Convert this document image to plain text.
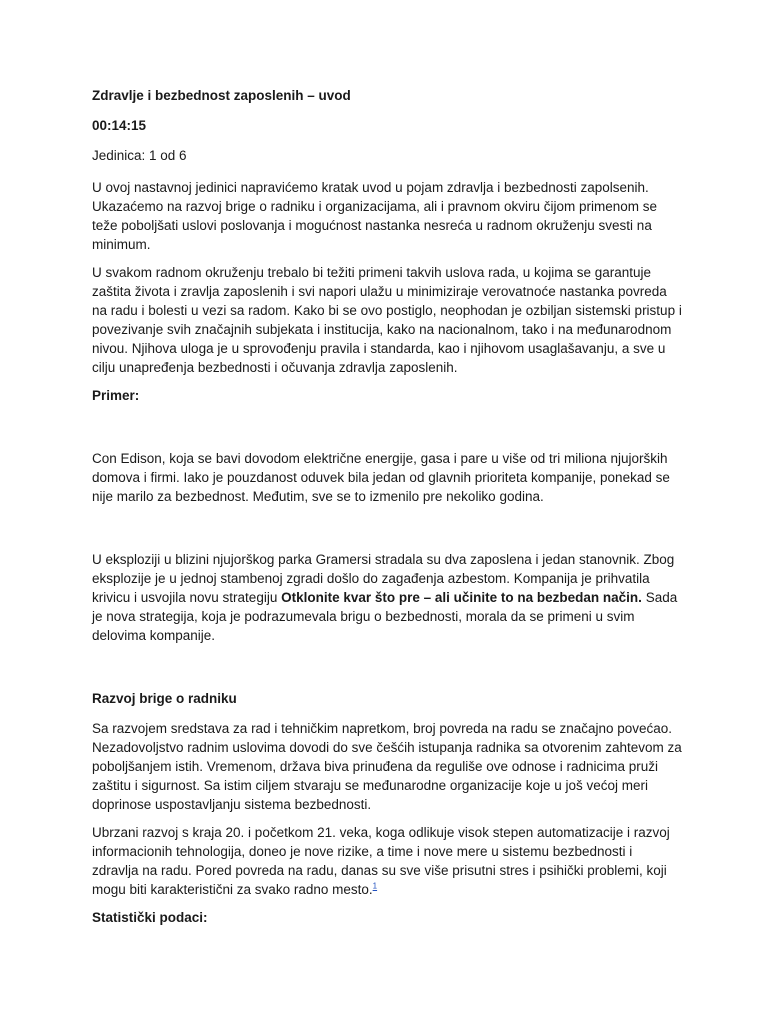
Zdravlje i bezbednost zaposlenih – uvod

00:14:15

Jedinica: 1 od 6

U ovoj nastavnoj jedinici napravićemo kratak uvod u pojam zdravlja i bezbednosti zapolsenih. Ukazaćemo na razvoj brige o radniku i organizacijama, ali i pravnom okviru čijom primenom se teže poboljšati uslovi poslovanja i mogućnost nastanka nesreća u radnom okruženju svesti na minimum.

U svakom radnom okruženju trebalo bi težiti primeni takvih uslova rada, u kojima se garantuje zaštita života i zravlja zaposlenih i svi napori ulažu u minimiziraje verovatnoće nastanka povreda na radu i bolesti u vezi sa radom. Kako bi se ovo postiglo, neophodan je ozbiljan sistemski pristup i povezivanje svih značajnih subjekata i institucija, kako na nacionalnom, tako i na međunarodnom nivou. Njihova uloga je u sprovođenju pravila i standarda, kao i njihovom usaglašavanju, a sve u cilju unapređenja bezbednosti i očuvanja zdravlja zaposlenih.

Primer:

Con Edison, koja se bavi dovodom električne energije, gasa i pare u više od tri miliona njujorških domova i firmi. Iako je pouzdanost oduvek bila jedan od glavnih prioriteta kompanije, ponekad se nije marilo za bezbednost. Međutim, sve se to izmenilo pre nekoliko godina.

U eksploziji u blizini njujorškog parka Gramersi stradala su dva zaposlena i jedan stanovnik. Zbog eksplozije je u jednoj stambenoj zgradi došlo do zagađenja azbestom. Kompanija je prihvatila krivicu i usvojila novu strategiju Otklonite kvar što pre – ali učinite to na bezbedan način. Sada je nova strategija, koja je podrazumevala brigu o bezbednosti, morala da se primeni u svim delovima kompanije.

Razvoj brige o radniku

Sa razvojem sredstava za rad i tehničkim napretkom, broj povreda na radu se značajno povećao. Nezadovoljstvo radnim uslovima dovodi do sve češćih istupanja radnika sa otvorenim zahtevom za poboljšanjem istih. Vremenom, država biva prinuđena da reguliše ove odnose i radnicima pruži zaštitu i sigurnost. Sa istim ciljem stvaraju se međunarodne organizacije koje u još većoj meri doprinose uspostavljanju sistema bezbednosti.

Ubrzani razvoj s kraja 20. i početkom 21. veka, koga odlikuje visok stepen automatizacije i razvoj informacionih tehnologija, doneo je nove rizike, a time i nove mere u sistemu bezbednosti i zdravlja na radu. Pored povreda na radu, danas su sve više prisutni stres i psihički problemi, koji mogu biti karakteristični za svako radno mesto.$^1$

Statistički podaci:
